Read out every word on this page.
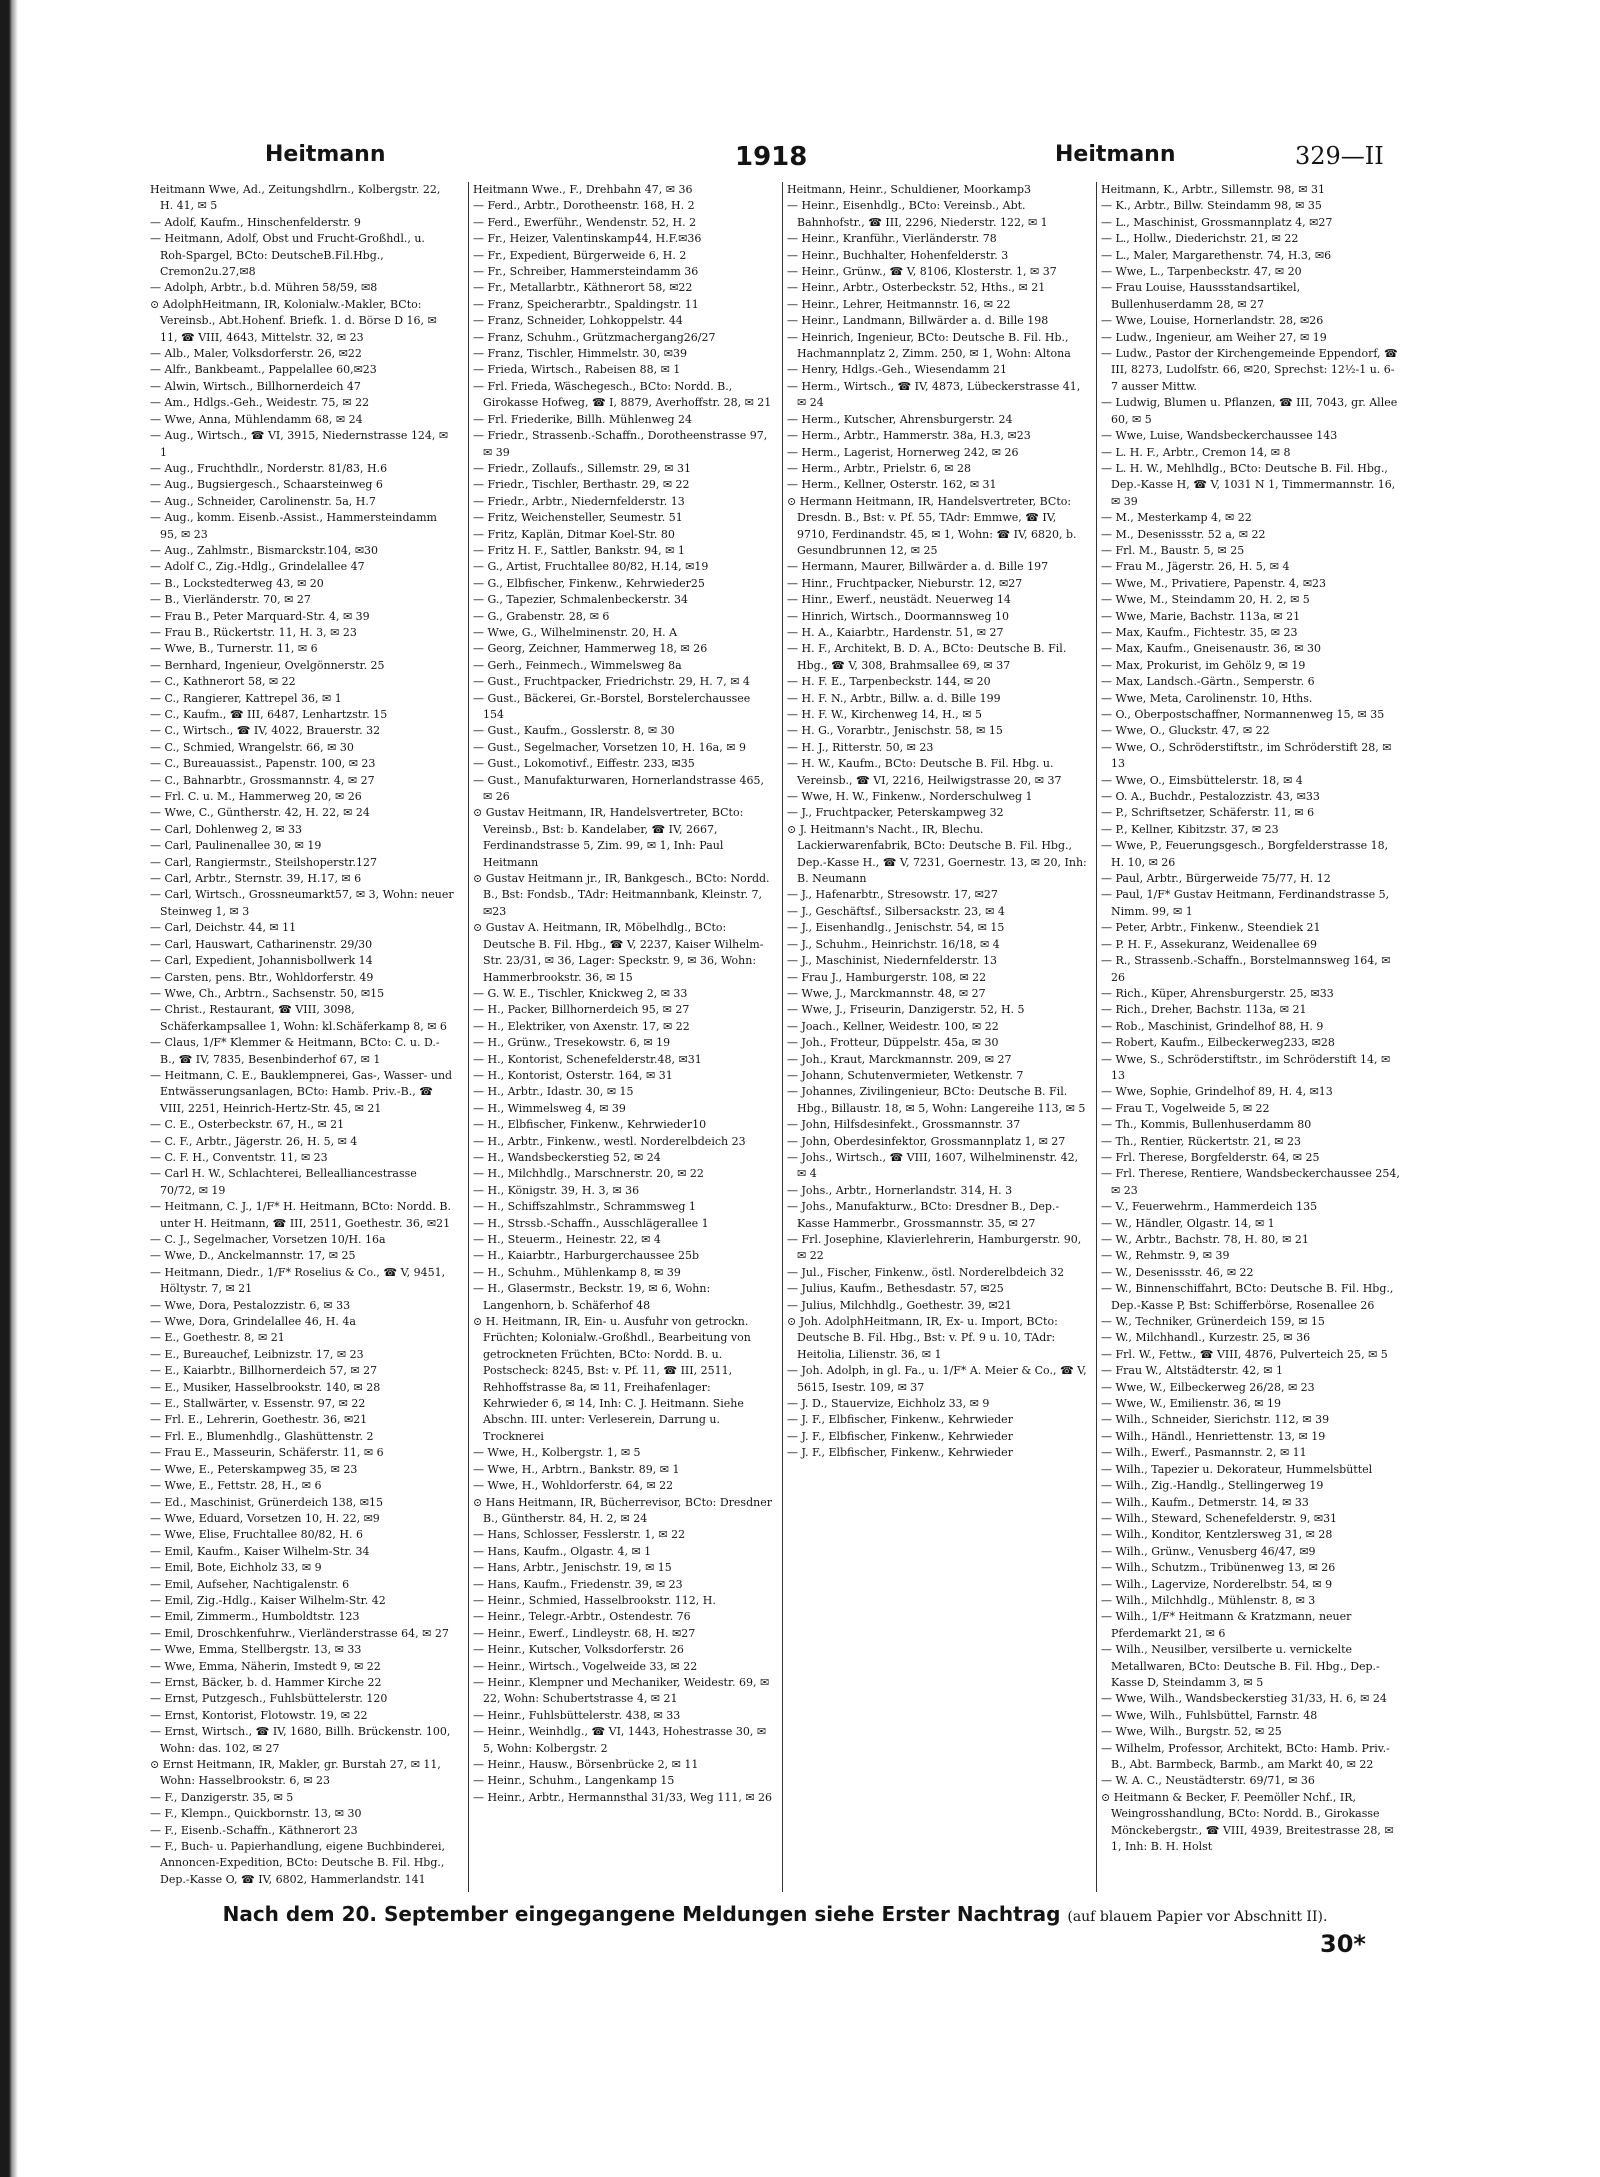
Heitmann	1918	Heitmann	329—II

Heitmann Wwe, Ad., Zeitungshdlrn., Kolbergstr. 22, H. 41, ✉ 5

— Adolf, Kaufm., Hinschenfelderstr. 9

— Heitmann, Adolf, Obst und Frucht-Großhdl., u. Roh-Spargel, BCto: DeutscheB.Fil.Hbg., Cremon2u.27,✉8

— Adolph, Arbtr., b.d. Mühren 58/59, ✉8

⊙ AdolphHeitmann, IR, Kolonialw.-Makler, BCto: Vereinsb., Abt.Hohenf. Briefk. 1. d. Börse D 16, ✉ 11, ☎ VIII, 4643, Mittelstr. 32, ✉ 23

— Alb., Maler, Volksdorferstr. 26, ✉22

— Alfr., Bankbeamt., Pappelallee 60,✉23

— Alwin, Wirtsch., Billhornerdeich 47

— Am., Hdlgs.-Geh., Weidestr. 75, ✉ 22

— Wwe, Anna, Mühlendamm 68, ✉ 24

— Aug., Wirtsch., ☎ VI, 3915, Niedernstrasse 124, ✉ 1

— Aug., Fruchthdlr., Norderstr. 81/83, H.6

— Aug., Bugsiergesch., Schaarsteinweg 6

— Aug., Schneider, Carolinenstr. 5a, H.7

— Aug., komm. Eisenb.-Assist., Hammersteindamm 95, ✉ 23

— Aug., Zahlmstr., Bismarckstr.104, ✉30

— Adolf C., Zig.-Hdlg., Grindelallee 47

— B., Lockstedterweg 43, ✉ 20

— B., Vierländerstr. 70, ✉ 27

— Frau B., Peter Marquard-Str. 4, ✉ 39

— Frau B., Rückertstr. 11, H. 3, ✉ 23

— Wwe, B., Turnerstr. 11, ✉ 6

— Bernhard, Ingenieur, Ovelgönnerstr. 25

— C., Kathnerort 58, ✉ 22

— C., Rangierer, Kattrepel 36, ✉ 1

— C., Kaufm., ☎ III, 6487, Lenhartzstr. 15

— C., Wirtsch., ☎ IV, 4022, Brauerstr. 32

— C., Schmied, Wrangelstr. 66, ✉ 30

— C., Bureauassist., Papenstr. 100, ✉ 23

— C., Bahnarbtr., Grossmannstr. 4, ✉ 27

— Frl. C. u. M., Hammerweg 20, ✉ 26

— Wwe, C., Güntherstr. 42, H. 22, ✉ 24

— Carl, Dohlenweg 2, ✉ 33

— Carl, Paulinenallee 30, ✉ 19

— Carl, Rangiermstr., Steilshoperstr.127

— Carl, Arbtr., Sternstr. 39, H.17, ✉ 6

— Carl, Wirtsch., Grossneumarkt57, ✉ 3, Wohn: neuer Steinweg 1, ✉ 3

— Carl, Deichstr. 44, ✉ 11

— Carl, Hauswart, Catharinenstr. 29/30

— Carl, Expedient, Johannisbollwerk 14

— Carsten, pens. Btr., Wohldorferstr. 49

— Wwe, Ch., Arbtrn., Sachsenstr. 50, ✉15

— Christ., Restaurant, ☎ VIII, 3098, Schäferkampsallee 1, Wohn: kl.Schäferkamp 8, ✉ 6

— Claus, 1/F* Klemmer & Heitmann, BCto: C. u. D.-B., ☎ IV, 7835, Besenbinderhof 67, ✉ 1

— Heitmann, C. E., Bauklempnerei, Gas-, Wasser- und Entwässerungsanlagen, BCto: Hamb. Priv.-B., ☎ VIII, 2251, Heinrich-Hertz-Str. 45, ✉ 21

— C. E., Osterbeckstr. 67, H., ✉ 21

— C. F., Arbtr., Jägerstr. 26, H. 5, ✉ 4

— C. F. H., Conventstr. 11, ✉ 23

— Carl H. W., Schlachterei, Bellealliancestrasse 70/72, ✉ 19

— Heitmann, C. J., 1/F* H. Heitmann, BCto: Nordd. B. unter H. Heitmann, ☎ III, 2511, Goethestr. 36, ✉21

— C. J., Segelmacher, Vorsetzen 10/H. 16a

— Wwe, D., Anckelmannstr. 17, ✉ 25

— Heitmann, Diedr., 1/F* Roselius & Co., ☎ V, 9451, Höltystr. 7, ✉ 21

— Wwe, Dora, Pestalozzistr. 6, ✉ 33

— Wwe, Dora, Grindelallee 46, H. 4a

— E., Goethestr. 8, ✉ 21

— E., Bureauchef, Leibnizstr. 17, ✉ 23

— E., Kaiarbtr., Billhornerdeich 57, ✉ 27

— E., Musiker, Hasselbrookstr. 140, ✉ 28

— E., Stallwärter, v. Essenstr. 97, ✉ 22

— Frl. E., Lehrerin, Goethestr. 36, ✉21

— Frl. E., Blumenhdlg., Glashüttenstr. 2

— Frau E., Masseurin, Schäferstr. 11, ✉ 6

— Wwe, E., Peterskampweg 35, ✉ 23

— Wwe, E., Fettstr. 28, H., ✉ 6

— Ed., Maschinist, Grünerdeich 138, ✉15

— Wwe, Eduard, Vorsetzen 10, H. 22, ✉9

— Wwe, Elise, Fruchtallee 80/82, H. 6

— Emil, Kaufm., Kaiser Wilhelm-Str. 34

— Emil, Bote, Eichholz 33, ✉ 9

— Emil, Aufseher, Nachtigalenstr. 6

— Emil, Zig.-Hdlg., Kaiser Wilhelm-Str. 42

— Emil, Zimmerm., Humboldtstr. 123

— Emil, Droschkenfuhrw., Vierländerstrasse 64, ✉ 27

— Wwe, Emma, Stellbergstr. 13, ✉ 33

— Wwe, Emma, Näherin, Imstedt 9, ✉ 22

— Ernst, Bäcker, b. d. Hammer Kirche 22

— Ernst, Putzgesch., Fuhlsbüttelerstr. 120

— Ernst, Kontorist, Flotowstr. 19, ✉ 22

— Ernst, Wirtsch., ☎ IV, 1680, Billh. Brückenstr. 100, Wohn: das. 102, ✉ 27

⊙ Ernst Heitmann, IR, Makler, gr. Burstah 27, ✉ 11, Wohn: Hasselbrookstr. 6, ✉ 23

— F., Danzigerstr. 35, ✉ 5

— F., Klempn., Quickbornstr. 13, ✉ 30

— F., Eisenb.-Schaffn., Käthnerort 23

— F., Buch- u. Papierhandlung, eigene Buchbinderei, Annoncen-Expedition, BCto: Deutsche B. Fil. Hbg., Dep.-Kasse O, ☎ IV, 6802, Hammerlandstr. 141

Heitmann Wwe., F., Drehbahn 47, ✉ 36

— Ferd., Arbtr., Dorotheenstr. 168, H. 2

— Ferd., Ewerführ., Wendenstr. 52, H. 2

— Fr., Heizer, Valentinskamp44, H.F.✉36

— Fr., Expedient, Bürgerweide 6, H. 2

— Fr., Schreiber, Hammersteindamm 36

— Fr., Metallarbtr., Käthnerort 58, ✉22

— Franz, Speicherarbtr., Spaldingstr. 11

— Franz, Schneider, Lohkoppelstr. 44

— Franz, Schuhm., Grützmachergang26/27

— Franz, Tischler, Himmelstr. 30, ✉39

— Frieda, Wirtsch., Rabeisen 88, ✉ 1

— Frl. Frieda, Wäschegesch., BCto: Nordd. B., Girokasse Hofweg, ☎ I, 8879, Averhoffstr. 28, ✉ 21

— Frl. Friederike, Billh. Mühlenweg 24

— Friedr., Strassenb.-Schaffn., Dorotheenstrasse 97, ✉ 39

— Friedr., Zollaufs., Sillemstr. 29, ✉ 31

— Friedr., Tischler, Berthastr. 29, ✉ 22

— Friedr., Arbtr., Niedernfelderstr. 13

— Fritz, Weichensteller, Seumestr. 51

— Fritz, Kaplän, Ditmar Koel-Str. 80

— Fritz H. F., Sattler, Bankstr. 94, ✉ 1

— G., Artist, Fruchtallee 80/82, H.14, ✉19

— G., Elbfischer, Finkenw., Kehrwieder25

— G., Tapezier, Schmalenbeckerstr. 34

— G., Grabenstr. 28, ✉ 6

— Wwe, G., Wilhelminenstr. 20, H. A

— Georg, Zeichner, Hammerweg 18, ✉ 26

— Gerh., Feinmech., Wimmelsweg 8a

— Gust., Fruchtpacker, Friedrichstr. 29, H. 7, ✉ 4

— Gust., Bäckerei, Gr.-Borstel, Borstelerchaussee 154

— Gust., Kaufm., Gosslerstr. 8, ✉ 30

— Gust., Segelmacher, Vorsetzen 10, H. 16a, ✉ 9

— Gust., Lokomotivf., Eiffestr. 233, ✉35

— Gust., Manufakturwaren, Hornerlandstrasse 465, ✉ 26

⊙ Gustav Heitmann, IR, Handelsvertreter, BCto: Vereinsb., Bst: b. Kandelaber, ☎ IV, 2667, Ferdinandstrasse 5, Zim. 99, ✉ 1, Inh: Paul Heitmann

⊙ Gustav Heitmann jr., IR, Bankgesch., BCto: Nordd. B., Bst: Fondsb., TAdr: Heitmannbank, Kleinstr. 7, ✉23

⊙ Gustav A. Heitmann, IR, Möbelhdlg., BCto: Deutsche B. Fil. Hbg., ☎ V, 2237, Kaiser Wilhelm-Str. 23/31, ✉ 36, Lager: Speckstr. 9, ✉ 36, Wohn: Hammerbrookstr. 36, ✉ 15

— G. W. E., Tischler, Knickweg 2, ✉ 33

— H., Packer, Billhornerdeich 95, ✉ 27

— H., Elektriker, von Axenstr. 17, ✉ 22

— H., Grünw., Tresekowstr. 6, ✉ 19

— H., Kontorist, Schenefelderstr.48, ✉31

— H., Kontorist, Osterstr. 164, ✉ 31

— H., Arbtr., Idastr. 30, ✉ 15

— H., Wimmelsweg 4, ✉ 39

— H., Elbfischer, Finkenw., Kehrwieder10

— H., Arbtr., Finkenw., westl. Norderelbdeich 23

— H., Wandsbeckerstieg 52, ✉ 24

— H., Milchhdlg., Marschnerstr. 20, ✉ 22

— H., Königstr. 39, H. 3, ✉ 36

— H., Schiffszahlmstr., Schrammsweg 1

— H., Strssb.-Schaffn., Ausschlägerallee 1

— H., Steuerm., Heinestr. 22, ✉ 4

— H., Kaiarbtr., Harburgerchaussee 25b

— H., Schuhm., Mühlenkamp 8, ✉ 39

— H., Glasermstr., Beckstr. 19, ✉ 6, Wohn: Langenhorn, b. Schäferhof 48

⊙ H. Heitmann, IR, Ein- u. Ausfuhr von getrockn. Früchten; Kolonialw.-Großhdl., Bearbeitung von getrockneten Früchten, BCto: Nordd. B. u. Postscheck: 8245, Bst: v. Pf. 11, ☎ III, 2511, Rehhoffstrasse 8a, ✉ 11, Freihafenlager: Kehrwieder 6, ✉ 14, Inh: C. J. Heitmann. Siehe Abschn. III. unter: Verleserein, Darrung u. Trocknerei

— Wwe, H., Kolbergstr. 1, ✉ 5

— Wwe, H., Arbtrn., Bankstr. 89, ✉ 1

— Wwe, H., Wohldorferstr. 64, ✉ 22

⊙ Hans Heitmann, IR, Bücherrevisor, BCto: Dresdner B., Güntherstr. 84, H. 2, ✉ 24

— Hans, Schlosser, Fesslerstr. 1, ✉ 22

— Hans, Kaufm., Olgastr. 4, ✉ 1

— Hans, Arbtr., Jenischstr. 19, ✉ 15

— Hans, Kaufm., Friedenstr. 39, ✉ 23

— Heinr., Schmied, Hasselbrookstr. 112, H.

— Heinr., Telegr.-Arbtr., Ostendestr. 76

— Heinr., Ewerf., Lindleystr. 68, H. ✉27

— Heinr., Kutscher, Volksdorferstr. 26

— Heinr., Wirtsch., Vogelweide 33, ✉ 22

— Heinr., Klempner und Mechaniker, Weidestr. 69, ✉ 22, Wohn: Schubertstrasse 4, ✉ 21

— Heinr., Fuhlsbüttelerstr. 438, ✉ 33

— Heinr., Weinhdlg., ☎ VI, 1443, Hohestrasse 30, ✉ 5, Wohn: Kolbergstr. 2

— Heinr., Hausw., Börsenbrücke 2, ✉ 11

— Heinr., Schuhm., Langenkamp 15

— Heinr., Arbtr., Hermannsthal 31/33, Weg 111, ✉ 26

Heitmann, Heinr., Schuldiener, Moorkamp3

— Heinr., Eisenhdlg., BCto: Vereinsb., Abt. Bahnhofstr., ☎ III, 2296, Niederstr. 122, ✉ 1

— Heinr., Kranführ., Vierländerstr. 78

— Heinr., Buchhalter, Hohenfelderstr. 3

— Heinr., Grünw., ☎ V, 8106, Klosterstr. 1, ✉ 37

— Heinr., Arbtr., Osterbeckstr. 52, Hths., ✉ 21

— Heinr., Lehrer, Heitmannstr. 16, ✉ 22

— Heinr., Landmann, Billwärder a. d. Bille 198

— Heinrich, Ingenieur, BCto: Deutsche B. Fil. Hb., Hachmannplatz 2, Zimm. 250, ✉ 1, Wohn: Altona

— Henry, Hdlgs.-Geh., Wiesendamm 21

— Herm., Wirtsch., ☎ IV, 4873, Lübeckerstrasse 41, ✉ 24

— Herm., Kutscher, Ahrensburgerstr. 24

— Herm., Arbtr., Hammerstr. 38a, H.3, ✉23

— Herm., Lagerist, Hornerweg 242, ✉ 26

— Herm., Arbtr., Prielstr. 6, ✉ 28

— Herm., Kellner, Osterstr. 162, ✉ 31

⊙ Hermann Heitmann, IR, Handelsvertreter, BCto: Dresdn. B., Bst: v. Pf. 55, TAdr: Emmwe, ☎ IV, 9710, Ferdinandstr. 45, ✉ 1, Wohn: ☎ IV, 6820, b. Gesundbrunnen 12, ✉ 25

— Hermann, Maurer, Billwärder a. d. Bille 197

— Hinr., Fruchtpacker, Nieburstr. 12, ✉27

— Hinr., Ewerf., neustädt. Neuerweg 14

— Hinrich, Wirtsch., Doormannsweg 10

— H. A., Kaiarbtr., Hardenstr. 51, ✉ 27

— H. F., Architekt, B. D. A., BCto: Deutsche B. Fil. Hbg., ☎ V, 308, Brahmsallee 69, ✉ 37

— H. F. E., Tarpenbeckstr. 144, ✉ 20

— H. F. N., Arbtr., Billw. a. d. Bille 199

— H. F. W., Kirchenweg 14, H., ✉ 5

— H. G., Vorarbtr., Jenischstr. 58, ✉ 15

— H. J., Ritterstr. 50, ✉ 23

— H. W., Kaufm., BCto: Deutsche B. Fil. Hbg. u. Vereinsb., ☎ VI, 2216, Heilwigstrasse 20, ✉ 37

— Wwe, H. W., Finkenw., Norderschulweg 1

— J., Fruchtpacker, Peterskampweg 32

⊙ J. Heitmann's Nacht., IR, Blechu. Lackierwarenfabrik, BCto: Deutsche B. Fil. Hbg., Dep.-Kasse H., ☎ V, 7231, Goernestr. 13, ✉ 20, Inh: B. Neumann

— J., Hafenarbtr., Stresowstr. 17, ✉27

— J., Geschäftsf., Silbersackstr. 23, ✉ 4

— J., Eisenhandlg., Jenischstr. 54, ✉ 15

— J., Schuhm., Heinrichstr. 16/18, ✉ 4

— J., Maschinist, Niedernfelderstr. 13

— Frau J., Hamburgerstr. 108, ✉ 22

— Wwe, J., Marckmannstr. 48, ✉ 27

— Wwe, J., Friseurin, Danzigerstr. 52, H. 5

— Joach., Kellner, Weidestr. 100, ✉ 22

— Joh., Frotteur, Düppelstr. 45a, ✉ 30

— Joh., Kraut, Marckmannstr. 209, ✉ 27

— Johann, Schutenvermieter, Wetkenstr. 7

— Johannes, Zivilingenieur, BCto: Deutsche B. Fil. Hbg., Billaustr. 18, ✉ 5, Wohn: Langereihe 113, ✉ 5

— John, Hilfsdesinfekt., Grossmannstr. 37

— John, Oberdesinfektor, Grossmannplatz 1, ✉ 27

— Johs., Wirtsch., ☎ VIII, 1607, Wilhelminenstr. 42, ✉ 4

— Johs., Arbtr., Hornerlandstr. 314, H. 3

— Johs., Manufakturw., BCto: Dresdner B., Dep.-Kasse Hammerbr., Grossmannstr. 35, ✉ 27

— Frl. Josephine, Klavierlehrerin, Hamburgerstr. 90, ✉ 22

— Jul., Fischer, Finkenw., östl. Norderelbdeich 32

— Julius, Kaufm., Bethesdastr. 57, ✉25

— Julius, Milchhdlg., Goethestr. 39, ✉21

⊙ Joh. AdolphHeitmann, IR, Ex- u. Import, BCto: Deutsche B. Fil. Hbg., Bst: v. Pf. 9 u. 10, TAdr: Heitolia, Lilienstr. 36, ✉ 1

— Joh. Adolph, in gl. Fa., u. 1/F* A. Meier & Co., ☎ V, 5615, Isestr. 109, ✉ 37

— J. D., Stauervize, Eichholz 33, ✉ 9

— J. F., Elbfischer, Finkenw., Kehrwieder

— J. F., Elbfischer, Finkenw., Kehrwieder

— J. F., Elbfischer, Finkenw., Kehrwieder

Heitmann, K., Arbtr., Sillemstr. 98, ✉ 31

— K., Arbtr., Billw. Steindamm 98, ✉ 35

— L., Maschinist, Grossmannplatz 4, ✉27

— L., Hollw., Diederichstr. 21, ✉ 22

— L., Maler, Margarethenstr. 74, H.3, ✉6

— Wwe, L., Tarpenbeckstr. 47, ✉ 20

— Frau Louise, Haussstandsartikel, Bullenhuserdamm 28, ✉ 27

— Wwe, Louise, Hornerlandstr. 28, ✉26

— Ludw., Ingenieur, am Weiher 27, ✉ 19

— Ludw., Pastor der Kirchengemeinde Eppendorf, ☎ III, 8273, Ludolfstr. 66, ✉20, Sprechst: 12½-1 u. 6-7 ausser Mittw.

— Ludwig, Blumen u. Pflanzen, ☎ III, 7043, gr. Allee 60, ✉ 5

— Wwe, Luise, Wandsbeckerchaussee 143

— L. H. F., Arbtr., Cremon 14, ✉ 8

— L. H. W., Mehlhdlg., BCto: Deutsche B. Fil. Hbg., Dep.-Kasse H, ☎ V, 1031 N 1, Timmermannstr. 16, ✉ 39

— M., Mesterkamp 4, ✉ 22

— M., Desenissstr. 52 a, ✉ 22

— Frl. M., Baustr. 5, ✉ 25

— Frau M., Jägerstr. 26, H. 5, ✉ 4

— Wwe, M., Privatiere, Papenstr. 4, ✉23

— Wwe, M., Steindamm 20, H. 2, ✉ 5

— Wwe, Marie, Bachstr. 113a, ✉ 21

— Max, Kaufm., Fichtestr. 35, ✉ 23

— Max, Kaufm., Gneisenaustr. 36, ✉ 30

— Max, Prokurist, im Gehölz 9, ✉ 19

— Max, Landsch.-Gärtn., Semperstr. 6

— Wwe, Meta, Carolinenstr. 10, Hths.

— O., Oberpostschaffner, Normannenweg 15, ✉ 35

— Wwe, O., Gluckstr. 47, ✉ 22

— Wwe, O., Schröderstiftstr., im Schröderstift 28, ✉ 13

— Wwe, O., Eimsbüttelerstr. 18, ✉ 4

— O. A., Buchdr., Pestalozzistr. 43, ✉33

— P., Schriftsetzer, Schäferstr. 11, ✉ 6

— P., Kellner, Kibitzstr. 37, ✉ 23

— Wwe, P., Feuerungsgesch., Borgfelderstrasse 18, H. 10, ✉ 26

— Paul, Arbtr., Bürgerweide 75/77, H. 12

— Paul, 1/F* Gustav Heitmann, Ferdinandstrasse 5, Nimm. 99, ✉ 1

— Peter, Arbtr., Finkenw., Steendiek 21

— P. H. F., Assekuranz, Weidenallee 69

— R., Strassenb.-Schaffn., Borstelmannsweg 164, ✉ 26

— Rich., Küper, Ahrensburgerstr. 25, ✉33

— Rich., Dreher, Bachstr. 113a, ✉ 21

— Rob., Maschinist, Grindelhof 88, H. 9

— Robert, Kaufm., Eilbeckerweg233, ✉28

— Wwe, S., Schröderstiftstr., im Schröderstift 14, ✉ 13

— Wwe, Sophie, Grindelhof 89, H. 4, ✉13

— Frau T., Vogelweide 5, ✉ 22

— Th., Kommis, Bullenhuserdamm 80

— Th., Rentier, Rückertstr. 21, ✉ 23

— Frl. Therese, Borgfelderstr. 64, ✉ 25

— Frl. Therese, Rentiere, Wandsbeckerchaussee 254, ✉ 23

— V., Feuerwehrm., Hammerdeich 135

— W., Händler, Olgastr. 14, ✉ 1

— W., Arbtr., Bachstr. 78, H. 80, ✉ 21

— W., Rehmstr. 9, ✉ 39

— W., Desenissstr. 46, ✉ 22

— W., Binnenschiffahrt, BCto: Deutsche B. Fil. Hbg., Dep.-Kasse P, Bst: Schifferbörse, Rosenallee 26

— W., Techniker, Grünerdeich 159, ✉ 15

— W., Milchhandl., Kurzestr. 25, ✉ 36

— Frl. W., Fettw., ☎ VIII, 4876, Pulverteich 25, ✉ 5

— Frau W., Altstädterstr. 42, ✉ 1

— Wwe, W., Eilbeckerweg 26/28, ✉ 23

— Wwe, W., Emilienstr. 36, ✉ 19

— Wilh., Schneider, Sierichstr. 112, ✉ 39

— Wilh., Händl., Henriettenstr. 13, ✉ 19

— Wilh., Ewerf., Pasmannstr. 2, ✉ 11

— Wilh., Tapezier u. Dekorateur, Hummelsbüttel

— Wilh., Zig.-Handlg., Stellingerweg 19

— Wilh., Kaufm., Detmerstr. 14, ✉ 33

— Wilh., Steward, Schenefelderstr. 9, ✉31

— Wilh., Konditor, Kentzlersweg 31, ✉ 28

— Wilh., Grünw., Venusberg 46/47, ✉9

— Wilh., Schutzm., Tribünenweg 13, ✉ 26

— Wilh., Lagervize, Norderelbstr. 54, ✉ 9

— Wilh., Milchhdlg., Mühlenstr. 8, ✉ 3

— Wilh., 1/F* Heitmann & Kratzmann, neuer Pferdemarkt 21, ✉ 6

— Wilh., Neusilber, versilberte u. vernickelte Metallwaren, BCto: Deutsche B. Fil. Hbg., Dep.-Kasse D, Steindamm 3, ✉ 5

— Wwe, Wilh., Wandsbeckerstieg 31/33, H. 6, ✉ 24

— Wwe, Wilh., Fuhlsbüttel, Farnstr. 48

— Wwe, Wilh., Burgstr. 52, ✉ 25

— Wilhelm, Professor, Architekt, BCto: Hamb. Priv.-B., Abt. Barmbeck, Barmb., am Markt 40, ✉ 22

— W. A. C., Neustädterstr. 69/71, ✉ 36

⊙ Heitmann & Becker, F. Peemöller Nchf., IR, Weingrosshandlung, BCto: Nordd. B., Girokasse Mönckebergstr., ☎ VIII, 4939, Breitestrasse 28, ✉ 1, Inh: B. H. Holst

Nach dem 20. September eingegangene Meldungen siehe Erster Nachtrag (auf blauem Papier vor Abschnitt II).
30*
